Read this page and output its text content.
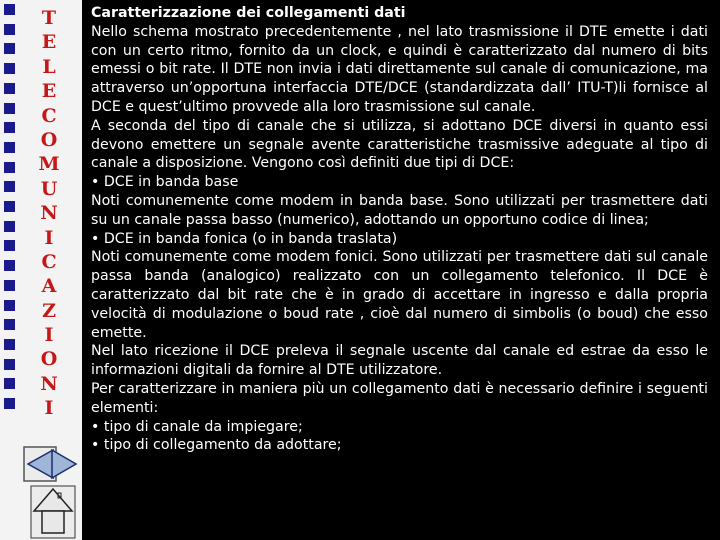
T
E
L
E
C
O
M
U
N
I
C
A
Z
I
O
N
I

Caratterizzazione dei collegamenti dati

Nello schema mostrato precedentemente , nel lato trasmissione il DTE emette i dati con un certo ritmo, fornito da un clock, e quindi è caratterizzato dal numero di bits emessi o bit rate. Il DTE non invia i dati direttamente sul canale di comunicazione, ma attraverso un’opportuna interfaccia DTE/DCE (standardizzata dall’ ITU-T)li fornisce al DCE e quest’ultimo provvede alla loro trasmissione sul canale.

A seconda del tipo di canale che si utilizza, si adottano DCE diversi in quanto essi devono emettere un segnale avente caratteristiche trasmissive adeguate al tipo di canale a disposizione. Vengono così definiti due tipi di DCE:

• DCE in banda base

Noti comunemente come modem in banda base. Sono utilizzati per trasmettere dati su un canale passa basso (numerico), adottando un opportuno codice di linea;

• DCE in banda fonica (o in banda traslata)

Noti comunemente come modem fonici. Sono utilizzati per trasmettere dati sul canale passa banda (analogico) realizzato con un collegamento telefonico. Il DCE è caratterizzato dal bit rate che è in grado di accettare in ingresso e dalla propria velocità di modulazione o boud rate , cioè dal numero di simbolis (o boud) che esso emette.

Nel lato ricezione il DCE preleva il segnale uscente dal canale ed estrae da esso le informazioni digitali da fornire al DTE utilizzatore.

Per caratterizzare in maniera più un collegamento dati è necessario definire i seguenti elementi:

• tipo di canale da impiegare;

• tipo di collegamento da adottare;
